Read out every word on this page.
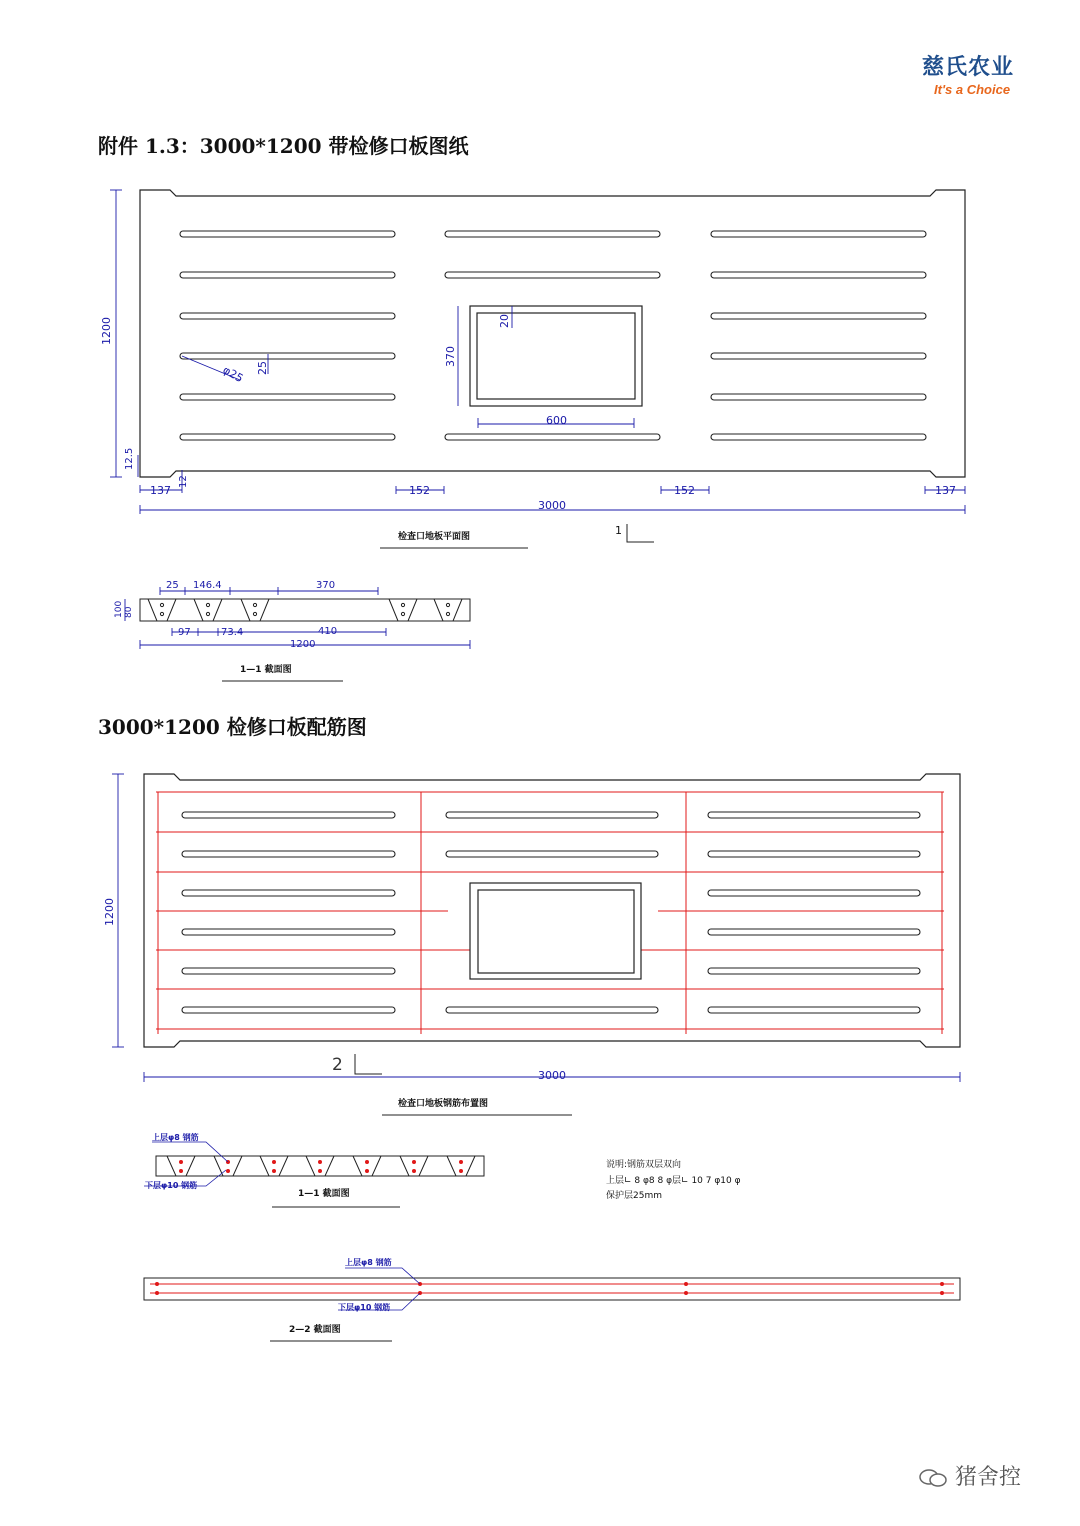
慈氏农业
It's a Choice
附件 1.3：3000*1200 带检修口板图纸
1200
12.5
137
12
152	152	137
3000
600
370
20
25
φ25
检查口地板平面图	1
25 146.4	370
100 80
97	73.4	410
1200
1—1 截面图
3000*1200 检修口板配筋图
1200
3000
2
检查口地板钢筋布置图
上层φ8 钢筋
下层φ10 钢筋
1—1 截面图
说明:钢筋双层双向
上层∟ 8 φ8 8 φ层∟ 10 7 φ10 φ
保护层25mm
上层φ8 钢筋
下层φ10 钢筋
2—2 截面图
猪舍控
